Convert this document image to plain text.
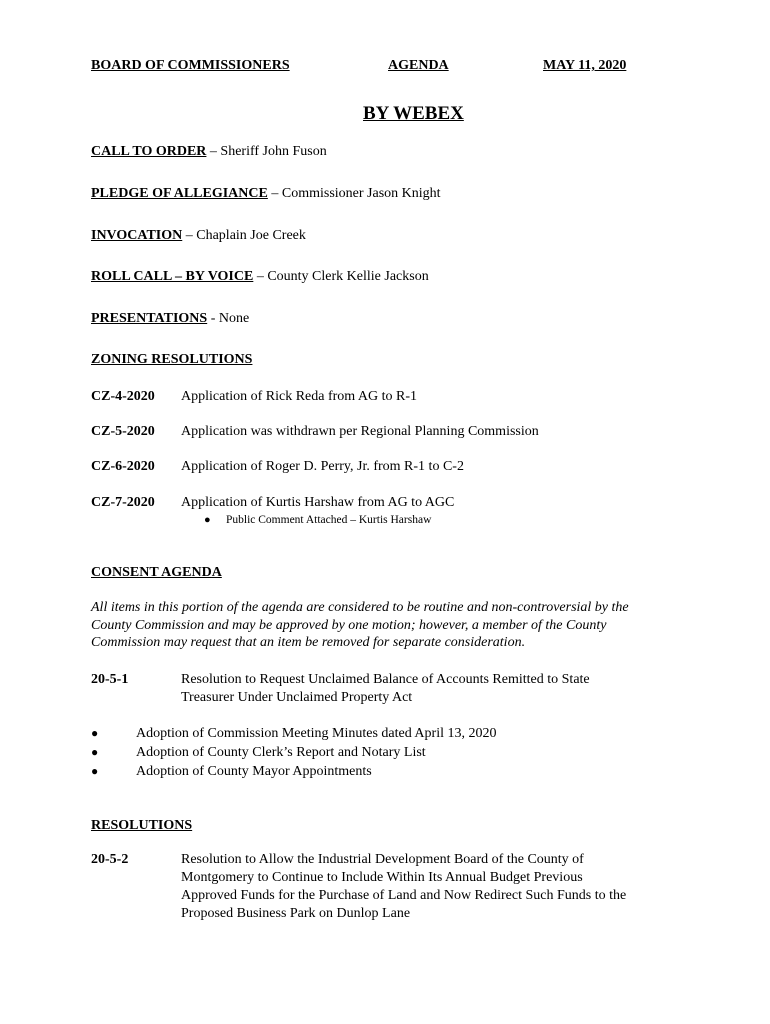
BOARD OF COMMISSIONERS	AGENDA	MAY 11, 2020
BY WEBEX
CALL TO ORDER – Sheriff John Fuson
PLEDGE OF ALLEGIANCE – Commissioner Jason Knight
INVOCATION – Chaplain Joe Creek
ROLL CALL – BY VOICE – County Clerk Kellie Jackson
PRESENTATIONS - None
ZONING RESOLUTIONS
CZ-4-2020 Application of Rick Reda from AG to R-1
CZ-5-2020 Application was withdrawn per Regional Planning Commission
CZ-6-2020 Application of Roger D. Perry, Jr. from R-1 to C-2
CZ-7-2020 Application of Kurtis Harshaw from AG to AGC
● Public Comment Attached – Kurtis Harshaw
CONSENT AGENDA
All items in this portion of the agenda are considered to be routine and non-controversial by the
County Commission and may be approved by one motion; however, a member of the County
Commission may request that an item be removed for separate consideration.
20-5-1	Resolution to Request Unclaimed Balance of Accounts Remitted to State
Treasurer Under Unclaimed Property Act
●	Adoption of Commission Meeting Minutes dated April 13, 2020
●	Adoption of County Clerk’s Report and Notary List
●	Adoption of County Mayor Appointments
RESOLUTIONS
20-5-2	Resolution to Allow the Industrial Development Board of the County of
Montgomery to Continue to Include Within Its Annual Budget Previous
Approved Funds for the Purchase of Land and Now Redirect Such Funds to the
Proposed Business Park on Dunlop Lane
